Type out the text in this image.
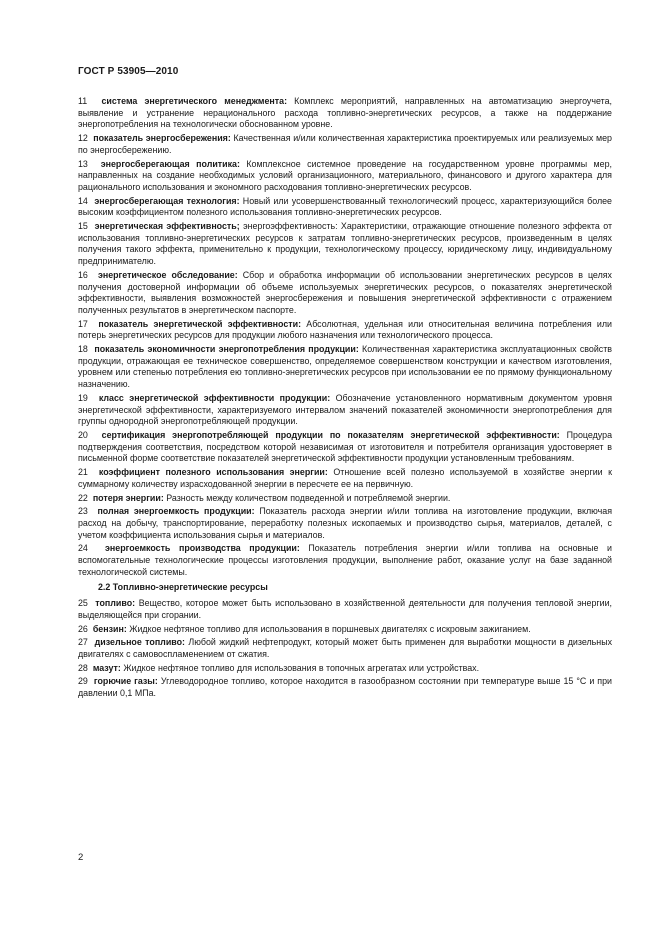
ГОСТ Р 53905—2010

11 система энергетического менеджмента: Комплекс мероприятий, направленных на автоматизацию энергоучета, выявление и устранение нерационального расхода топливно-энергетических ресурсов, а также на поддержание энергопотребления на технологически обоснованном уровне.

12 показатель энергосбережения: Качественная и/или количественная характеристика проектируемых или реализуемых мер по энергосбережению.

13 энергосберегающая политика: Комплексное системное проведение на государственном уровне программы мер, направленных на создание необходимых условий организационного, материального, финансового и другого характера для рационального использования и экономного расходования топливно-энергетических ресурсов.

14 энергосберегающая технология: Новый или усовершенствованный технологический процесс, характеризующийся более высоким коэффициентом полезного использования топливно-энергетических ресурсов.

15 энергетическая эффективность; энергоэффективность: Характеристики, отражающие отношение полезного эффекта от использования топливно-энергетических ресурсов к затратам топливно-энергетических ресурсов, произведенным в целях получения такого эффекта, применительно к продукции, технологическому процессу, юридическому лицу, индивидуальному предпринимателю.

16 энергетическое обследование: Сбор и обработка информации об использовании энергетических ресурсов в целях получения достоверной информации об объеме используемых энергетических ресурсов, о показателях энергетической эффективности, выявления возможностей энергосбережения и повышения энергетической эффективности с отражением полученных результатов в энергетическом паспорте.

17 показатель энергетической эффективности: Абсолютная, удельная или относительная величина потребления или потерь энергетических ресурсов для продукции любого назначения или технологического процесса.

18 показатель экономичности энергопотребления продукции: Количественная характеристика эксплуатационных свойств продукции, отражающая ее техническое совершенство, определяемое совершенством конструкции и качеством изготовления, уровнем или степенью потребления ею топливно-энергетических ресурсов при использовании ее по прямому функциональному назначению.

19 класс энергетической эффективности продукции: Обозначение установленного нормативным документом уровня энергетической эффективности, характеризуемого интервалом значений показателей экономичности энергопотребления для группы однородной энергопотребляющей продукции.

20 сертификация энергопотребляющей продукции по показателям энергетической эффективности: Процедура подтверждения соответствия, посредством которой независимая от изготовителя и потребителя организация удостоверяет в письменной форме соответствие показателей энергетической эффективности продукции установленным требованиям.

21 коэффициент полезного использования энергии: Отношение всей полезно используемой в хозяйстве энергии к суммарному количеству израсходованной энергии в пересчете ее на первичную.

22 потеря энергии: Разность между количеством подведенной и потребляемой энергии.

23 полная энергоемкость продукции: Показатель расхода энергии и/или топлива на изготовление продукции, включая расход на добычу, транспортирование, переработку полезных ископаемых и производство сырья, материалов, деталей, с учетом коэффициента использования сырья и материалов.

24 энергоемкость производства продукции: Показатель потребления энергии и/или топлива на основные и вспомогательные технологические процессы изготовления продукции, выполнение работ, оказание услуг на базе заданной технологической системы.

2.2 Топливно-энергетические ресурсы

25 топливо: Вещество, которое может быть использовано в хозяйственной деятельности для получения тепловой энергии, выделяющейся при сгорании.

26 бензин: Жидкое нефтяное топливо для использования в поршневых двигателях с искровым зажиганием.

27 дизельное топливо: Любой жидкий нефтепродукт, который может быть применен для выработки мощности в дизельных двигателях с самовоспламенением от сжатия.

28 мазут: Жидкое нефтяное топливо для использования в топочных агрегатах или устройствах.

29 горючие газы: Углеводородное топливо, которое находится в газообразном состоянии при температуре выше 15 °С и при давлении 0,1 МПа.

2
